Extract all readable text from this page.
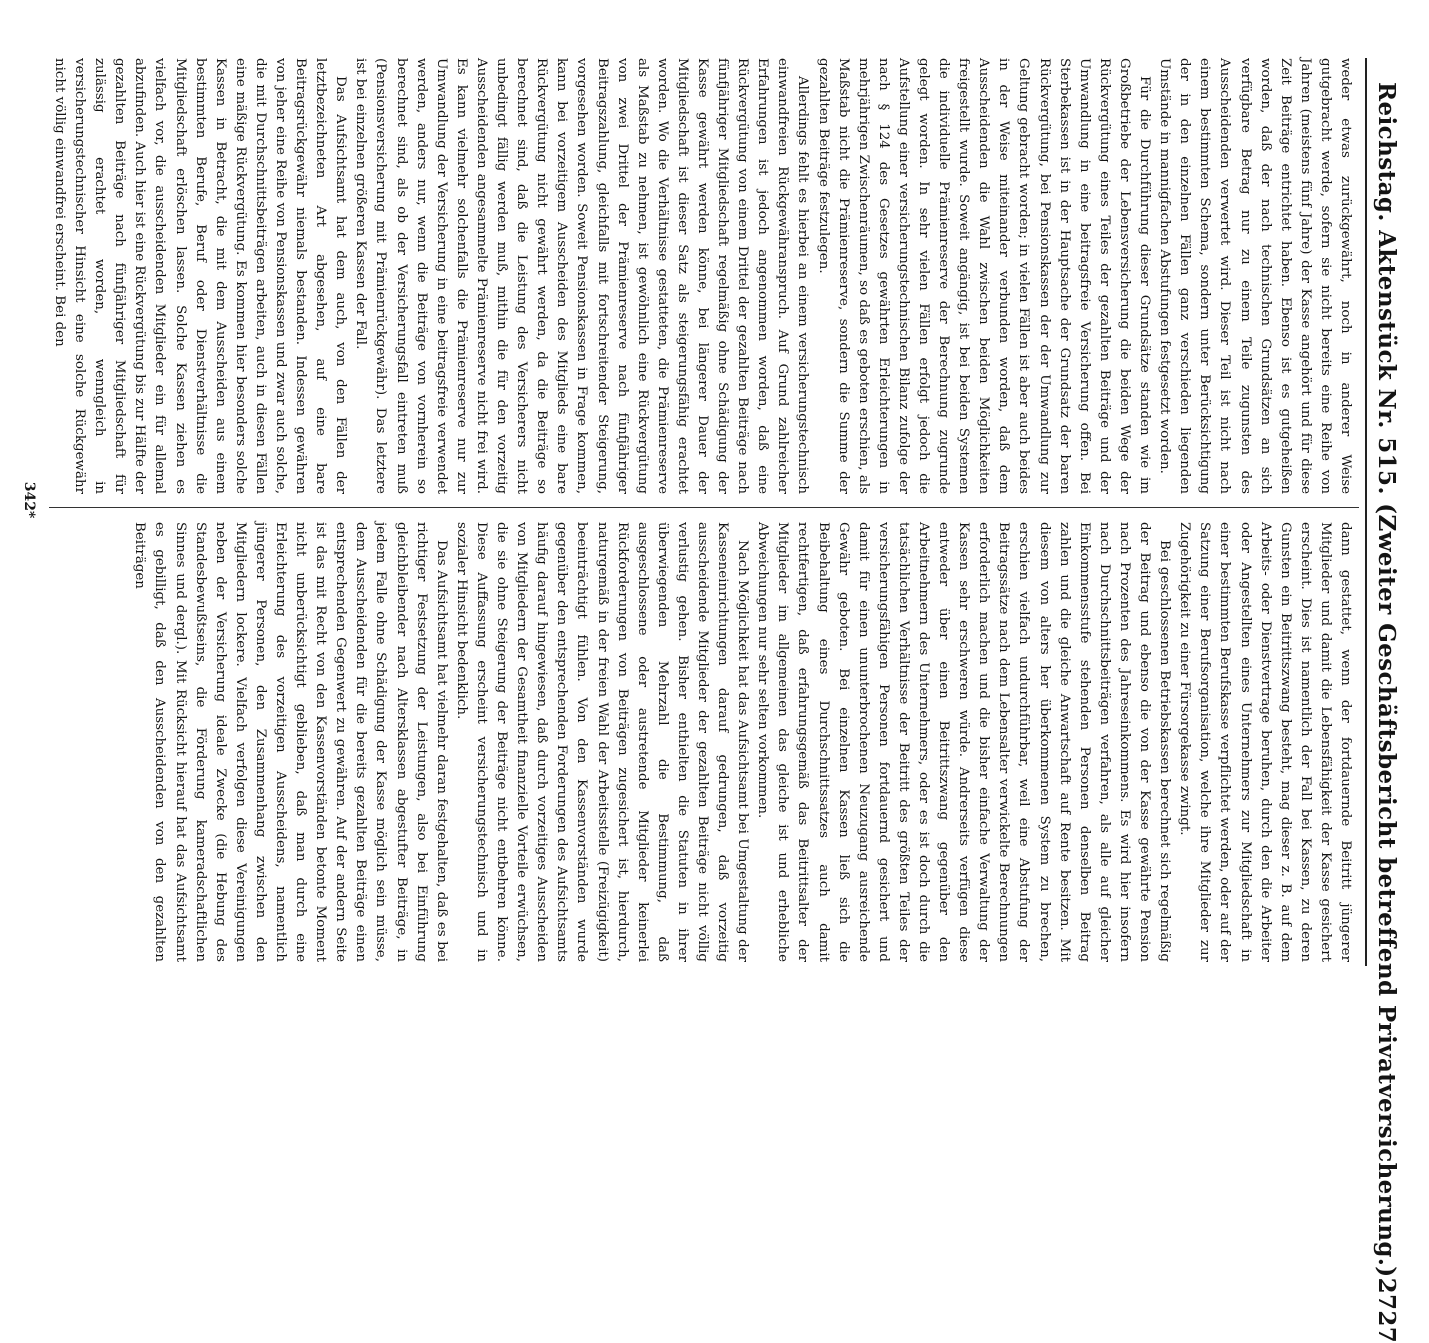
Reichstag. Aktenstück Nr. 515. (Zweiter Geschäftsbericht betreffend Privatversicherung.)
2727

weder etwas zurückgewährt, noch in anderer Weise gutgebracht werde, sofern sie nicht bereits eine Reihe von Jahren (meistens fünf Jahre) der Kasse angehört und für diese Zeit Beiträge entrichtet haben. Ebenso ist es gutgeheißen worden, daß der nach technischen Grundsätzen an sich verfügbare Betrag nur zu einem Teile zugunsten des Ausscheidenden verwertet wird. Dieser Teil ist nicht nach einem bestimmten Schema, sondern unter Berücksichtigung der in den einzelnen Fällen ganz verschieden liegenden Umstände in mannigfachen Abstufungen festgesetzt worden.

Für die Durchführung dieser Grundsätze standen wie im Großbetriebe der Lebensversicherung die beiden Wege der Rückvergütung eines Teiles der gezahlten Beiträge und der Umwandlung in eine beitragsfreie Versicherung offen. Bei Sterbekassen ist in der Hauptsache der Grundsatz der baren Rückvergütung, bei Pensionskassen der der Umwandlung zur Geltung gebracht worden; in vielen Fällen ist aber auch beides in der Weise miteinander verbunden worden, daß dem Ausscheidenden die Wahl zwischen beiden Möglichkeiten freigestellt wurde. Soweit angängig, ist bei beiden Systemen die individuelle Prämienreserve der Berechnung zugrunde gelegt worden. In sehr vielen Fällen erfolgt jedoch die Aufstellung einer versicherungstechnischen Bilanz zufolge der nach § 124 des Gesetzes gewährten Erleichterungen in mehrjährigen Zwischenräumen, so daß es geboten erschien, als Maßstab nicht die Prämienreserve, sondern die Summe der gezahlten Beiträge festzulegen.

Allerdings fehlt es hierbei an einem versicherungstechnisch einwandfreien Rückgewähranspruch. Auf Grund zahlreicher Erfahrungen ist jedoch angenommen worden, daß eine Rückvergütung von einem Drittel der gezahlten Beiträge nach fünfjähriger Mitgliedschaft regelmäßig ohne Schädigung der Kasse gewährt werden könne, bei längerer Dauer der Mitgliedschaft ist dieser Satz als steigerungsfähig erachtet worden. Wo die Verhältnisse gestatteten, die Prämienreserve als Maßstab zu nehmen, ist gewöhnlich eine Rückvergütung von zwei Drittel der Prämienreserve nach fünfjähriger Beitragszahlung, gleichfalls mit fortschreitender Steigerung, vorgesehen worden. Soweit Pensionskassen in Frage kommen, kann bei vorzeitigem Ausscheiden des Mitglieds eine bare Rückvergütung nicht gewährt werden, da die Beiträge so berechnet sind, daß die Leistung des Versicherers nicht unbedingt fällig werden muß, mithin die für den vorzeitig Ausscheidenden angesammelte Prämienreserve nicht frei wird. Es kann vielmehr solchenfalls die Prämienreserve nur zur Umwandlung der Versicherung in eine beitragsfreie verwendet werden, anders nur, wenn die Beiträge von vornherein so berechnet sind, als ob der Versicherungsfall eintreten muß (Pensionsversicherung mit Prämienrückgewähr). Das letztere ist bei einzelnen größeren Kassen der Fall.

Das Aufsichtsamt hat dem auch, von den Fällen der letztbezeichneten Art abgesehen, auf eine bare Beitragsrückgewähr niemals bestanden. Indessen gewähren von jeher eine Reihe von Pensionskassen und zwar auch solche, die mit Durchschnittsbeiträgen arbeiten, auch in diesen Fällen eine mäßige Rückvergütung. Es kommen hier besonders solche Kassen in Betracht, die mit dem Ausscheiden aus einem bestimmten Berufe, Beruf oder Dienstverhältnisse die Mitgliedschaft erlöschen lassen. Solche Kassen ziehen es vielfach vor, die ausscheidenden Mitglieder ein für allemal abzufinden. Auch hier ist eine Rückvergütung bis zur Hälfte der gezahlten Beiträge nach fünfjähriger Mitgliedschaft für zulässig erachtet worden, wenngleich in versicherungstechnischer Hinsicht eine solche Rückgewähr nicht völlig einwandfrei erscheint. Bei den

dann gestattet, wenn der fortdauernde Beitritt jüngerer Mitglieder und damit die Lebensfähigkeit der Kasse gesichert erscheint. Dies ist namentlich der Fall bei Kassen, zu deren Gunsten ein Beitrittszwang besteht, mag dieser z. B. auf dem Arbeits- oder Dienstvertrage beruhen, durch den die Arbeiter oder Angestellten eines Unternehmers zur Mitgliedschaft in einer bestimmten Berufskasse verpflichtet werden, oder auf der Satzung einer Berufsorganisation, welche ihre Mitglieder zur Zugehörigkeit zu einer Fürsorgekasse zwingt.

Bei geschlossenen Betriebskassen berechnet sich regelmäßig der Beitrag und ebenso die von der Kasse gewährte Pension nach Prozenten des Jahreseinkommens. Es wird hier insofern nach Durchschnittsbeiträgen verfahren, als alle auf gleicher Einkommensstufe stehenden Personen denselben Beitrag zahlen und die gleiche Anwartschaft auf Rente besitzen. Mit diesem von alters her überkommenen System zu brechen, erschien vielfach undurchführbar, weil eine Abstufung der Beitragssätze nach dem Lebensalter verwickelte Berechnungen erforderlich machen und die bisher einfache Verwaltung der Kassen sehr erschweren würde. Andrerseits verfügen diese entweder über einen Beitrittszwang gegenüber den Arbeitnehmern des Unternehmers, oder es ist doch durch die tatsächlichen Verhältnisse der Beitritt des größten Teiles der versicherungsfähigen Personen fortdauernd gesichert und damit für einen ununterbrochenen Neuzugang ausreichende Gewähr geboten. Bei einzelnen Kassen ließ sich die Beibehaltung eines Durchschnittssatzes auch damit rechtfertigen, daß erfahrungsgemäß das Beitrittsalter der Mitglieder im allgemeinen das gleiche ist und erhebliche Abweichungen nur sehr selten vorkommen.

Nach Möglichkeit hat das Aufsichtsamt bei Umgestaltung der Kasseneinrichtungen darauf gedrungen, daß vorzeitig ausscheidende Mitglieder der gezahlten Beiträge nicht völlig verlustig gehen. Bisher enthielten die Statuten in ihrer überwiegenden Mehrzahl die Bestimmung, daß ausgeschlossene oder austretende Mitglieder keinerlei Rückforderungen von Beiträgen zugesichert ist, hierdurch, naturgemäß in der freien Wahl der Arbeitsstelle (Freizügigkeit) beeinträchtigt fühlen. Von den Kassenvorständen wurde gegenüber den entsprechenden Forderungen des Aufsichtsamts häufig darauf hingewiesen, daß durch vorzeitiges Ausscheiden von Mitgliedern der Gesamtheit finanzielle Vorteile erwüchsen, die sie ohne Steigerung der Beiträge nicht entbehren könne. Diese Auffassung erscheint versicherungstechnisch und in sozialer Hinsicht bedenklich.

Das Aufsichtsamt hat vielmehr daran festgehalten, daß es bei richtiger Festsetzung der Leistungen, also bei Einführung gleichbleibender nach Altersklassen abgestufter Beiträge, in jedem Falle ohne Schädigung der Kasse möglich sein müsse, dem Ausscheidenden für die bereits gezahlten Beiträge einen entsprechenden Gegenwert zu gewähren. Auf der andern Seite ist das mit Recht von den Kassenvorständen betonte Moment nicht unberücksichtigt geblieben, daß man durch eine Erleichterung des vorzeitigen Ausscheidens, namentlich jüngerer Personen, den Zusammenhang zwischen den Mitgliedern lockere. Vielfach verfolgen diese Vereinigungen neben der Versicherung ideale Zwecke (die Hebung des Standesbewußtseins, die Förderung kameradschaftlichen Sinnes und dergl.). Mit Rücksicht hierauf hat das Aufsichtsamt es gebilligt, daß den Ausscheidenden von den gezahlten Beiträgen

342*
